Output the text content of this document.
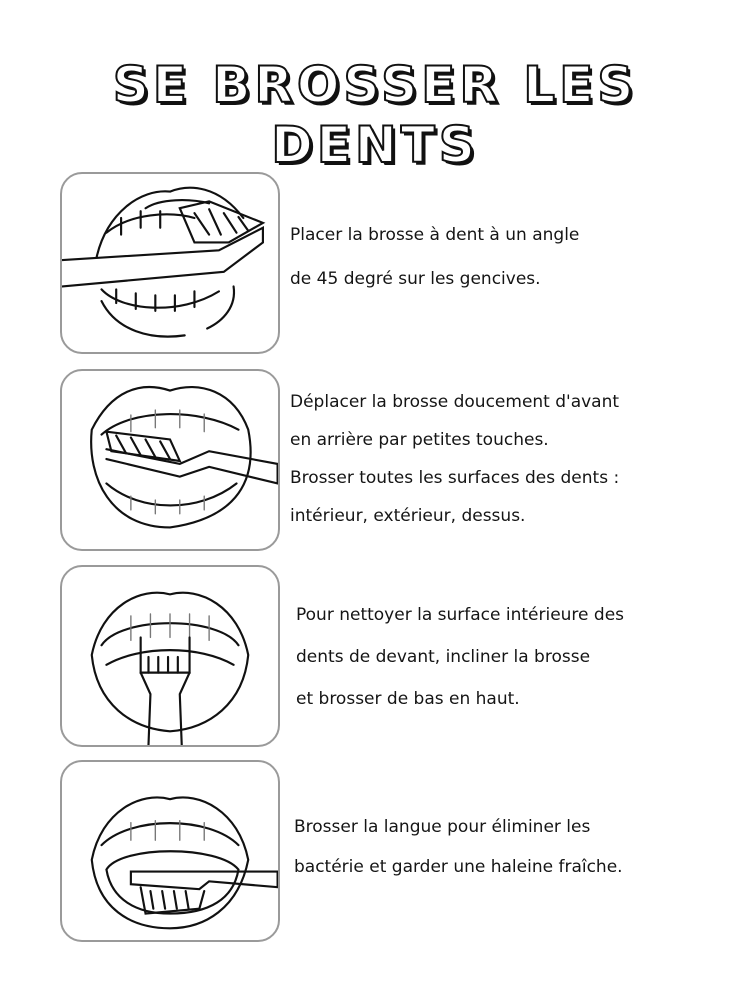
SE BROSSER LES DENTS
Placer la brosse à dent à un angle
de 45 degré sur les gencives.
Déplacer la brosse doucement d'avant
en arrière par petites touches.
Brosser toutes les surfaces des dents :
intérieur, extérieur, dessus.
Pour nettoyer la surface intérieure des
dents de devant, incliner la brosse
et brosser de bas en haut.
Brosser la langue pour éliminer les
bactérie et garder une haleine fraîche.
